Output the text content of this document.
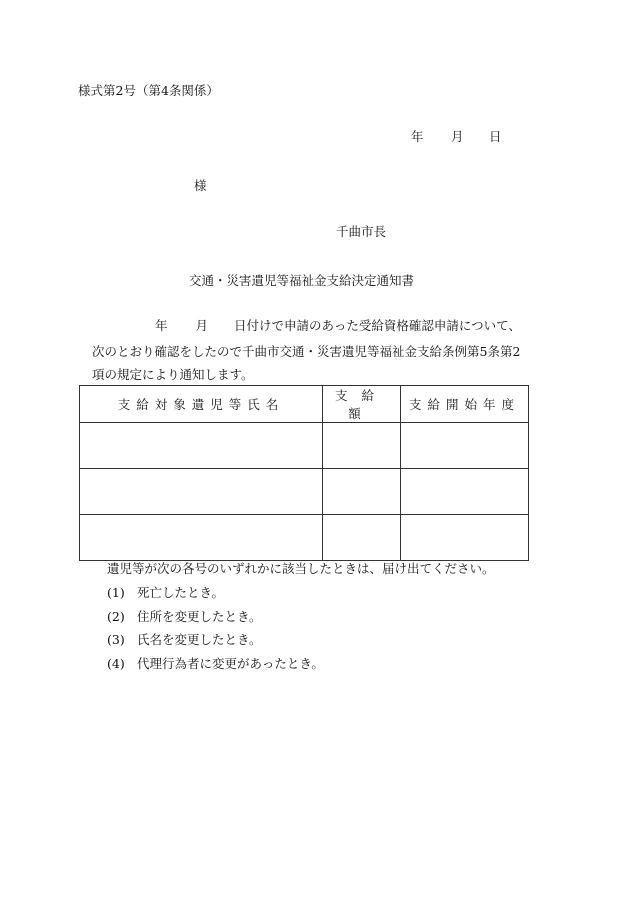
様式第2号（第4条関係）
年 月 日
様
千曲市長
交通・災害遺児等福祉金支給決定通知書
年 月 日付けで申請のあった受給資格確認申請について、
次のとおり確認をしたので千曲市交通・災害遺児等福祉金支給条例第5条第2
項の規定により通知します。
支給対象遺児等氏名	支給額	支給開始年度

遺児等が次の各号のいずれかに該当したときは、届け出てください。
(1) 死亡したとき。
(2) 住所を変更したとき。
(3) 氏名を変更したとき。
(4) 代理行為者に変更があったとき。
